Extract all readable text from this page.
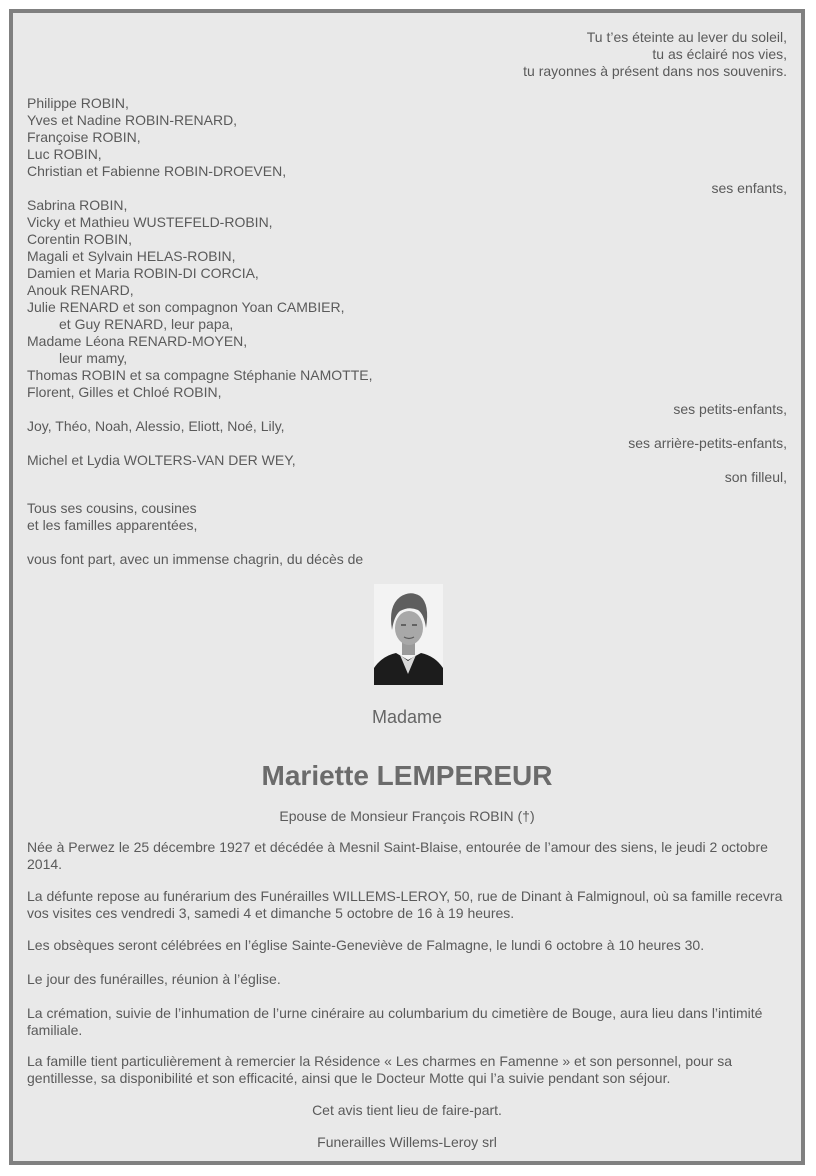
Tu t’es éteinte au lever du soleil,
tu as éclairé nos vies,
tu rayonnes à présent dans nos souvenirs.
Philippe ROBIN,
Yves et Nadine ROBIN-RENARD,
Françoise ROBIN,
Luc ROBIN,
Christian et Fabienne ROBIN-DROEVEN,
ses enfants,
Sabrina ROBIN,
Vicky et Mathieu WUSTEFELD-ROBIN,
Corentin ROBIN,
Magali et Sylvain HELAS-ROBIN,
Damien et Maria ROBIN-DI CORCIA,
Anouk RENARD,
Julie RENARD et son compagnon Yoan CAMBIER,
et Guy RENARD, leur papa,
Madame Léona RENARD-MOYEN,
leur mamy,
Thomas ROBIN et sa compagne Stéphanie NAMOTTE,
Florent, Gilles et Chloé ROBIN,
ses petits-enfants,
Joy, Théo, Noah, Alessio, Eliott, Noé, Lily,
ses arrière-petits-enfants,
Michel et Lydia WOLTERS-VAN DER WEY,
son filleul,
Tous ses cousins, cousines
et les familles apparentées,
vous font part, avec un immense chagrin, du décès de
Madame
Mariette LEMPEREUR
Epouse de Monsieur François ROBIN (†)
Née à Perwez le 25 décembre 1927 et décédée à Mesnil Saint-Blaise, entourée de l’amour des siens, le jeudi 2 octobre 2014.
La défunte repose au funérarium des Funérailles WILLEMS-LEROY, 50, rue de Dinant à Falmignoul, où sa famille recevra vos visites ces vendredi 3, samedi 4 et dimanche 5 octobre de 16 à 19 heures.
Les obsèques seront célébrées en l’église Sainte-Geneviève de Falmagne, le lundi 6 octobre à 10 heures 30.
Le jour des funérailles, réunion à l’église.
La crémation, suivie de l’inhumation de l’urne cinéraire au columbarium du cimetière de Bouge, aura lieu dans l’intimité familiale.
La famille tient particulièrement à remercier la Résidence « Les charmes en Famenne » et son personnel, pour sa gentillesse, sa disponibilité et son efficacité, ainsi que le Docteur Motte qui l’a suivie pendant son séjour.
Cet avis tient lieu de faire-part.
Funerailles Willems-Leroy srl
